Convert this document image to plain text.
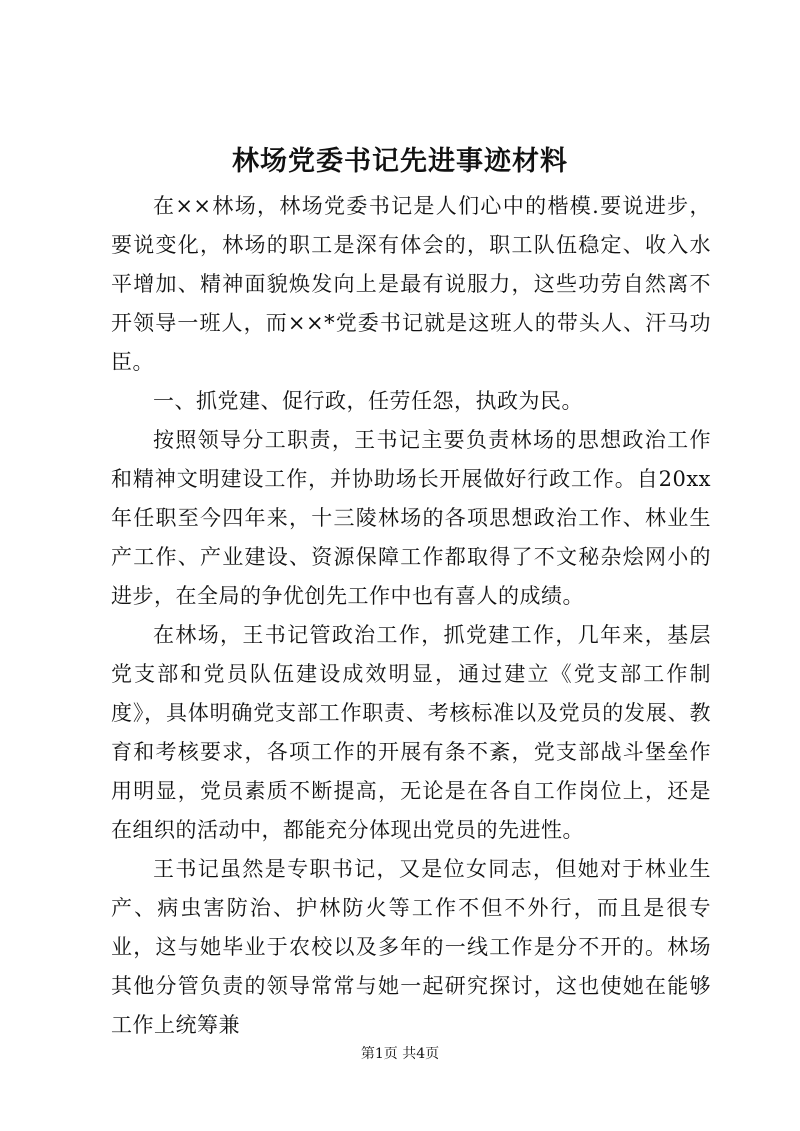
林场党委书记先进事迹材料

在××林场，林场党委书记是人们心中的楷模.要说进步，要说变化，林场的职工是深有体会的，职工队伍稳定、收入水平增加、精神面貌焕发向上是最有说服力，这些功劳自然离不开领导一班人，而××*党委书记就是这班人的带头人、汗马功臣。

一、抓党建、促行政，任劳任怨，执政为民。

按照领导分工职责，王书记主要负责林场的思想政治工作和精神文明建设工作，并协助场长开展做好行政工作。自20xx年任职至今四年来，十三陵林场的各项思想政治工作、林业生产工作、产业建设、资源保障工作都取得了不文秘杂烩网小的进步，在全局的争优创先工作中也有喜人的成绩。

在林场，王书记管政治工作，抓党建工作，几年来，基层党支部和党员队伍建设成效明显，通过建立《党支部工作制度》，具体明确党支部工作职责、考核标准以及党员的发展、教育和考核要求，各项工作的开展有条不紊，党支部战斗堡垒作用明显，党员素质不断提高，无论是在各自工作岗位上，还是在组织的活动中，都能充分体现出党员的先进性。

王书记虽然是专职书记，又是位女同志，但她对于林业生产、病虫害防治、护林防火等工作不但不外行，而且是很专业，这与她毕业于农校以及多年的一线工作是分不开的。林场其他分管负责的领导常常与她一起研究探讨，这也使她在能够工作上统筹兼

第1页 共4页
